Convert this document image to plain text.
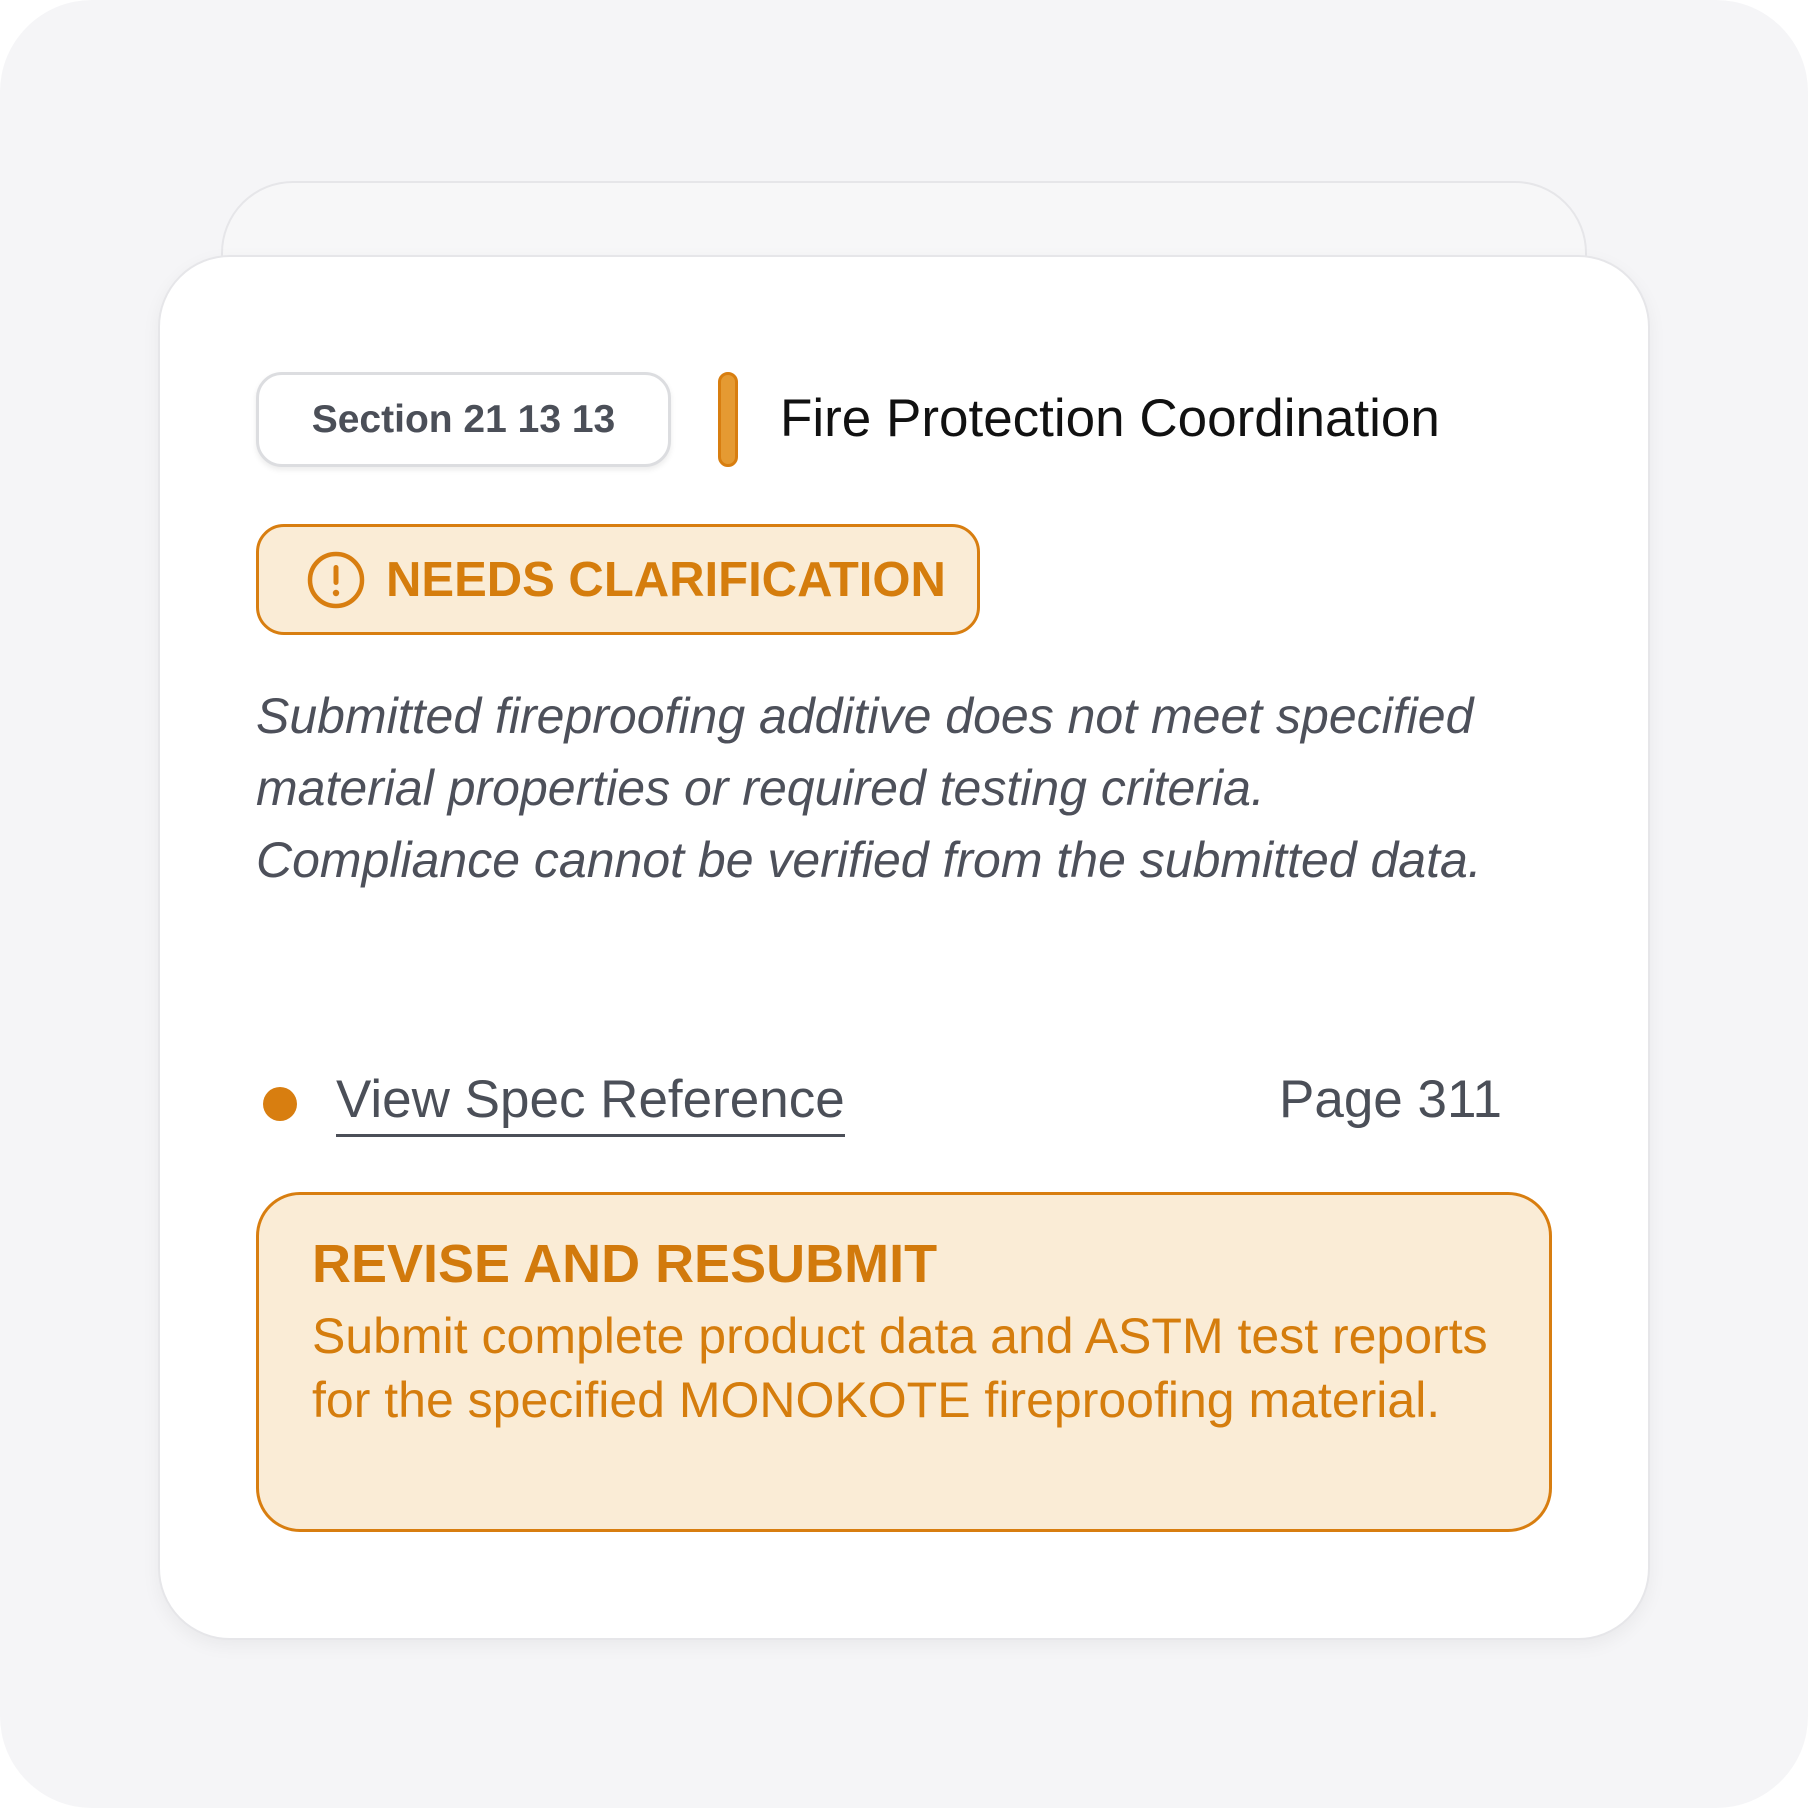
Section 21 13 13	Fire Protection Coordination
NEEDS CLARIFICATION

Submitted fireproofing additive does not meet specified material properties or required testing criteria. Compliance cannot be verified from the submitted data.

View Spec Reference	Page 311
REVISE AND RESUBMIT

Submit complete product data and ASTM test reports for the specified MONOKOTE fireproofing material.
